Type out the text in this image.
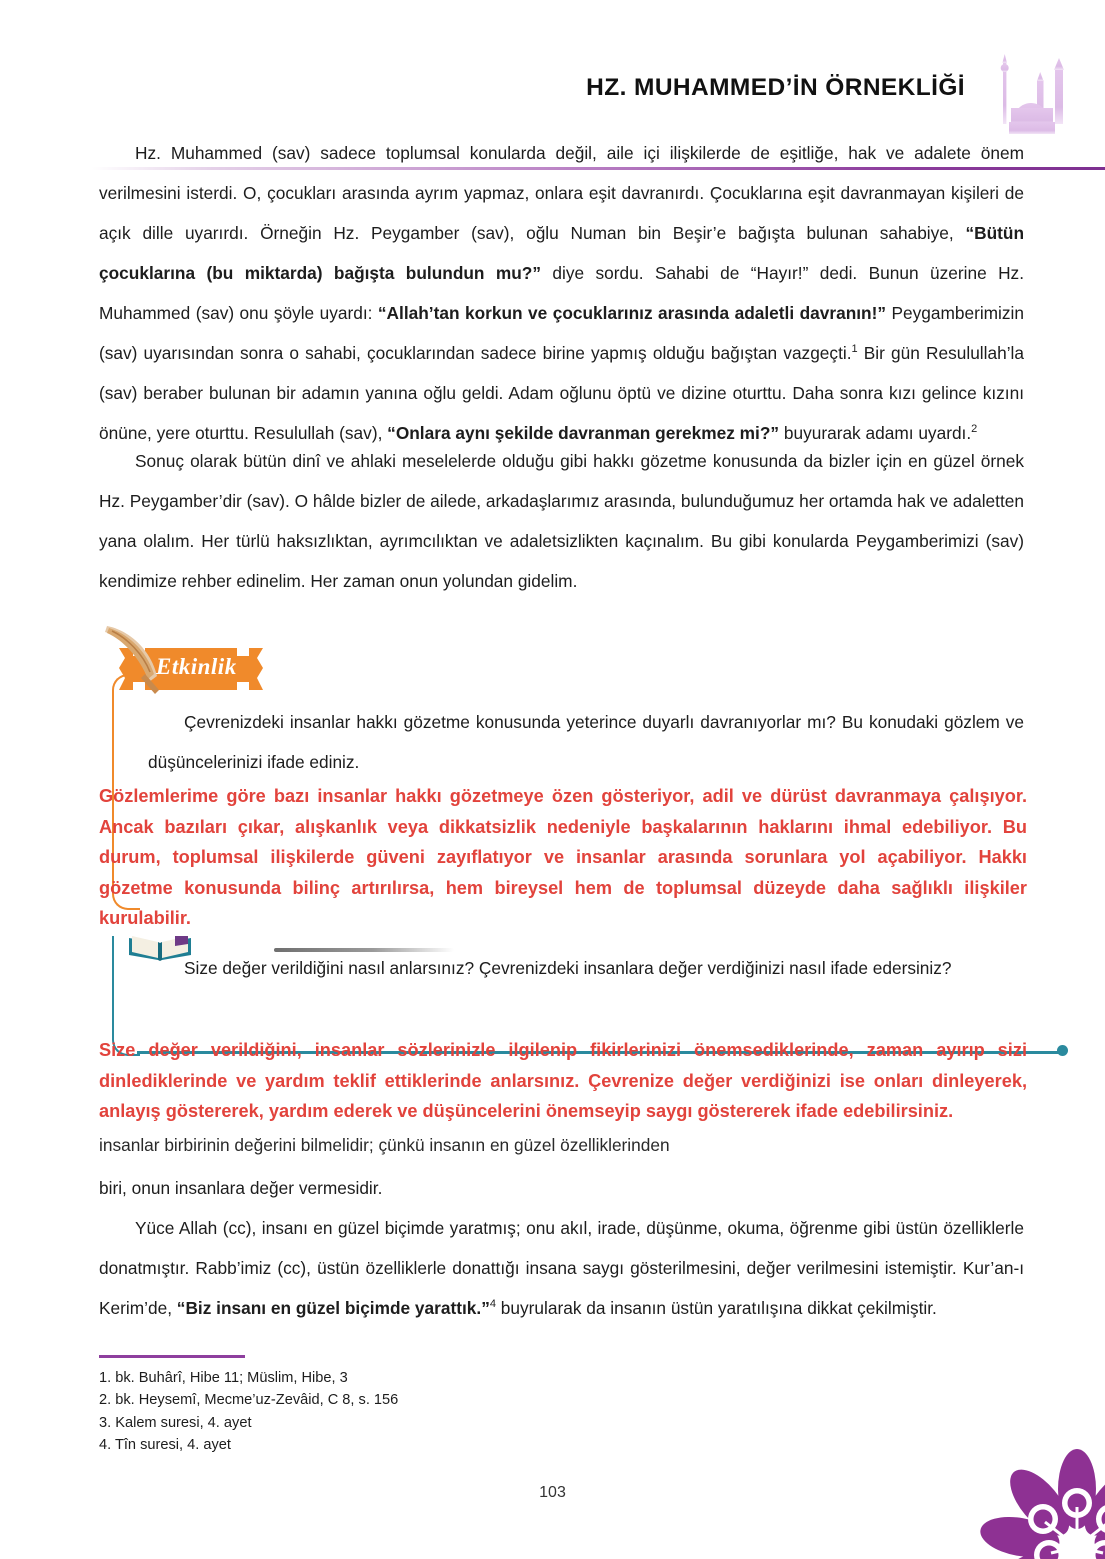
HZ. MUHAMMED’İN ÖRNEKLİĞİ

Hz. Muhammed (sav) sadece toplumsal konularda değil, aile içi ilişkilerde de eşitliğe, hak ve adalete önem verilmesini isterdi. O, çocukları arasında ayrım yapmaz, onlara eşit davranırdı. Çocuklarına eşit davranmayan kişileri de açık dille uyarırdı. Örneğin Hz. Peygamber (sav), oğlu Numan bin Beşir’e bağışta bulunan sahabiye, “Bütün çocuklarına (bu miktarda) bağışta bulundun mu?” diye sordu. Sahabi de “Hayır!” dedi. Bunun üzerine Hz. Muhammed (sav) onu şöyle uyardı: “Allah’tan korkun ve çocuklarınız arasında adaletli davranın!” Peygamberimizin (sav) uyarısından sonra o sahabi, çocuklarından sadece birine yapmış olduğu bağıştan vazgeçti.$^1$ Bir gün Resulullah’la (sav) beraber bulunan bir adamın yanına oğlu geldi. Adam oğlunu öptü ve dizine oturttu. Daha sonra kızı gelince kızını önüne, yere oturttu. Resulullah (sav), “Onlara aynı şekilde davranman gerekmez mi?” buyurarak adamı uyardı.$^2$

Sonuç olarak bütün dinî ve ahlaki meselelerde olduğu gibi hakkı gözetme konusunda da bizler için en güzel örnek Hz. Peygamber’dir (sav). O hâlde bizler de ailede, arkadaşlarımız arasında, bulunduğumuz her ortamda hak ve adaletten yana olalım. Her türlü haksızlıktan, ayrımcılıktan ve adaletsizlikten kaçınalım. Bu gibi konularda Peygamberimizi (sav) kendimize rehber edinelim. Her zaman onun yolundan gidelim.

Etkinlik
Çevrenizdeki insanlar hakkı gözetme konusunda yeterince duyarlı davranıyorlar mı? Bu konudaki gözlem ve düşüncelerinizi ifade ediniz.
Gözlemlerime göre bazı insanlar hakkı gözetmeye özen gösteriyor, adil ve dürüst davranmaya çalışıyor. Ancak bazıları çıkar, alışkanlık veya dikkatsizlik nedeniyle başkalarının haklarını ihmal edebiliyor. Bu durum, toplumsal ilişkilerde güveni zayıflatıyor ve insanlar arasında sorunlara yol açabiliyor. Hakkı gözetme konusunda bilinç artırılırsa, hem bireysel hem de toplumsal düzeyde daha sağlıklı ilişkiler kurulabilir.
Size değer verildiğini nasıl anlarsınız? Çevrenizdeki insanlara değer verdiğinizi nasıl ifade edersiniz?
Size değer verildiğini, insanlar sözlerinizle ilgilenip fikirlerinizi önemsediklerinde, zaman ayırıp sizi dinlediklerinde ve yardım teklif ettiklerinde anlarsınız. Çevrenize değer verdiğinizi ise onları dinleyerek, anlayış göstererek, yardım ederek ve düşüncelerini önemseyip saygı göstererek ifade edebilirsiniz.
insanlar birbirinin değerini bilmelidir; çünkü insanın en güzel özelliklerinden

biri, onun insanlara değer vermesidir.

Yüce Allah (cc), insanı en güzel biçimde yaratmış; onu akıl, irade, düşünme, okuma, öğrenme gibi üstün özelliklerle donatmıştır. Rabb’imiz (cc), üstün özelliklerle donattığı insana saygı gösterilmesini, değer verilmesini istemiştir. Kur’an-ı Kerim’de, “Biz insanı en güzel biçimde yarattık.”$^4$ buyrularak da insanın üstün yaratılışına dikkat çekilmiştir.

1. bk. Buhârî, Hibe 11; Müslim, Hibe, 3
2. bk. Heysemî, Mecme’uz-Zevâid, C 8, s. 156
3. Kalem suresi, 4. ayet
4. Tîn suresi, 4. ayet
103
